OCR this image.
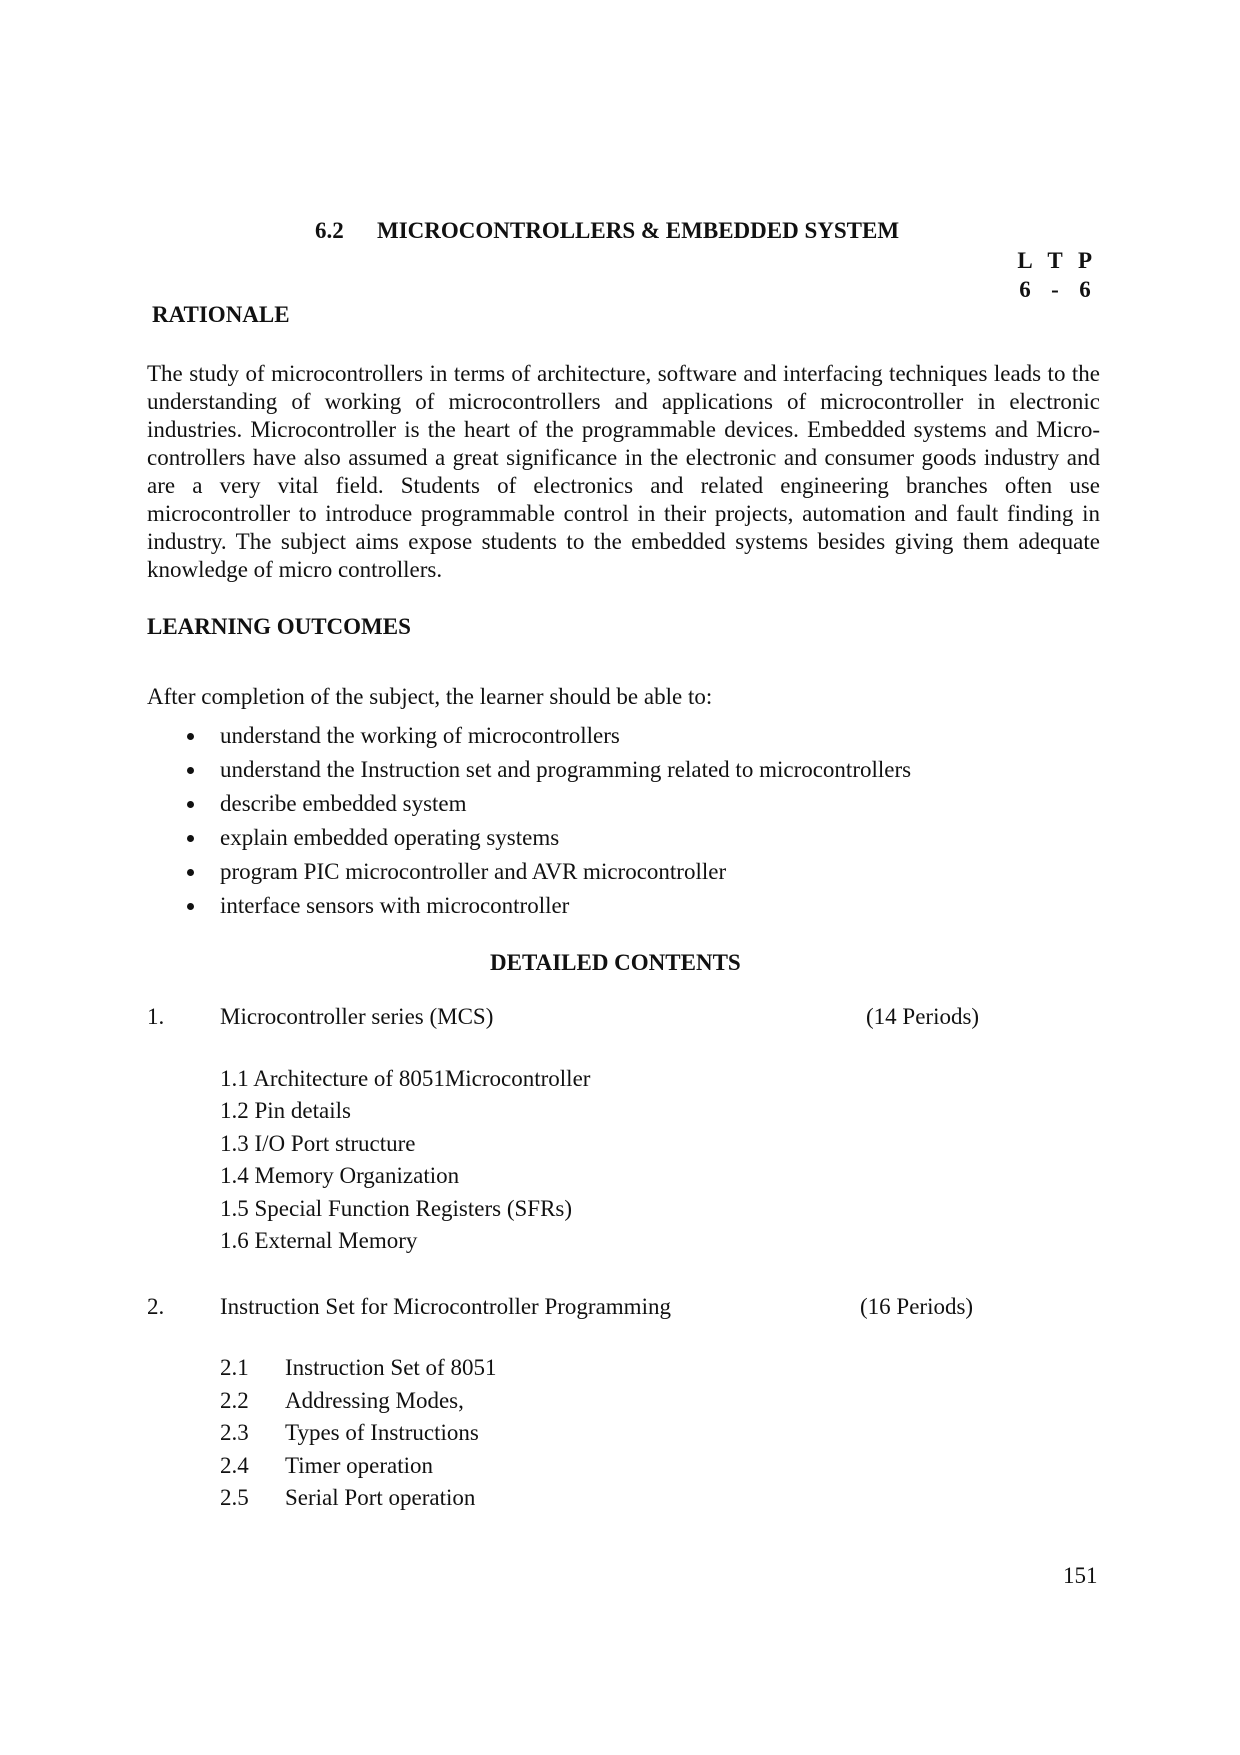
6.2 MICROCONTROLLERS & EMBEDDED SYSTEM
L T P
6 - 6
RATIONALE
The study of microcontrollers in terms of architecture, software and interfacing techniques leads to the understanding of working of microcontrollers and applications of microcontroller in electronic industries. Microcontroller is the heart of the programmable devices. Embedded systems and Micro-controllers have also assumed a great significance in the electronic and consumer goods industry and are a very vital field. Students of electronics and related engineering branches often use microcontroller to introduce programmable control in their projects, automation and fault finding in industry. The subject aims expose students to the embedded systems besides giving them adequate knowledge of micro controllers.
LEARNING OUTCOMES
After completion of the subject, the learner should be able to:
understand the working of microcontrollers
understand the Instruction set and programming related to microcontrollers
describe embedded system
explain embedded operating systems
program PIC microcontroller and AVR microcontroller
interface sensors with microcontroller
DETAILED CONTENTS
1. Microcontroller series (MCS)	(14 Periods)
1.1 Architecture of 8051Microcontroller
1.2 Pin details
1.3 I/O Port structure
1.4 Memory Organization
1.5 Special Function Registers (SFRs)
1.6 External Memory
2. Instruction Set for Microcontroller Programming	(16 Periods)
2.1	Instruction Set of 8051
2.2	Addressing Modes,
2.3	Types of Instructions
2.4	Timer operation
2.5	Serial Port operation
151
